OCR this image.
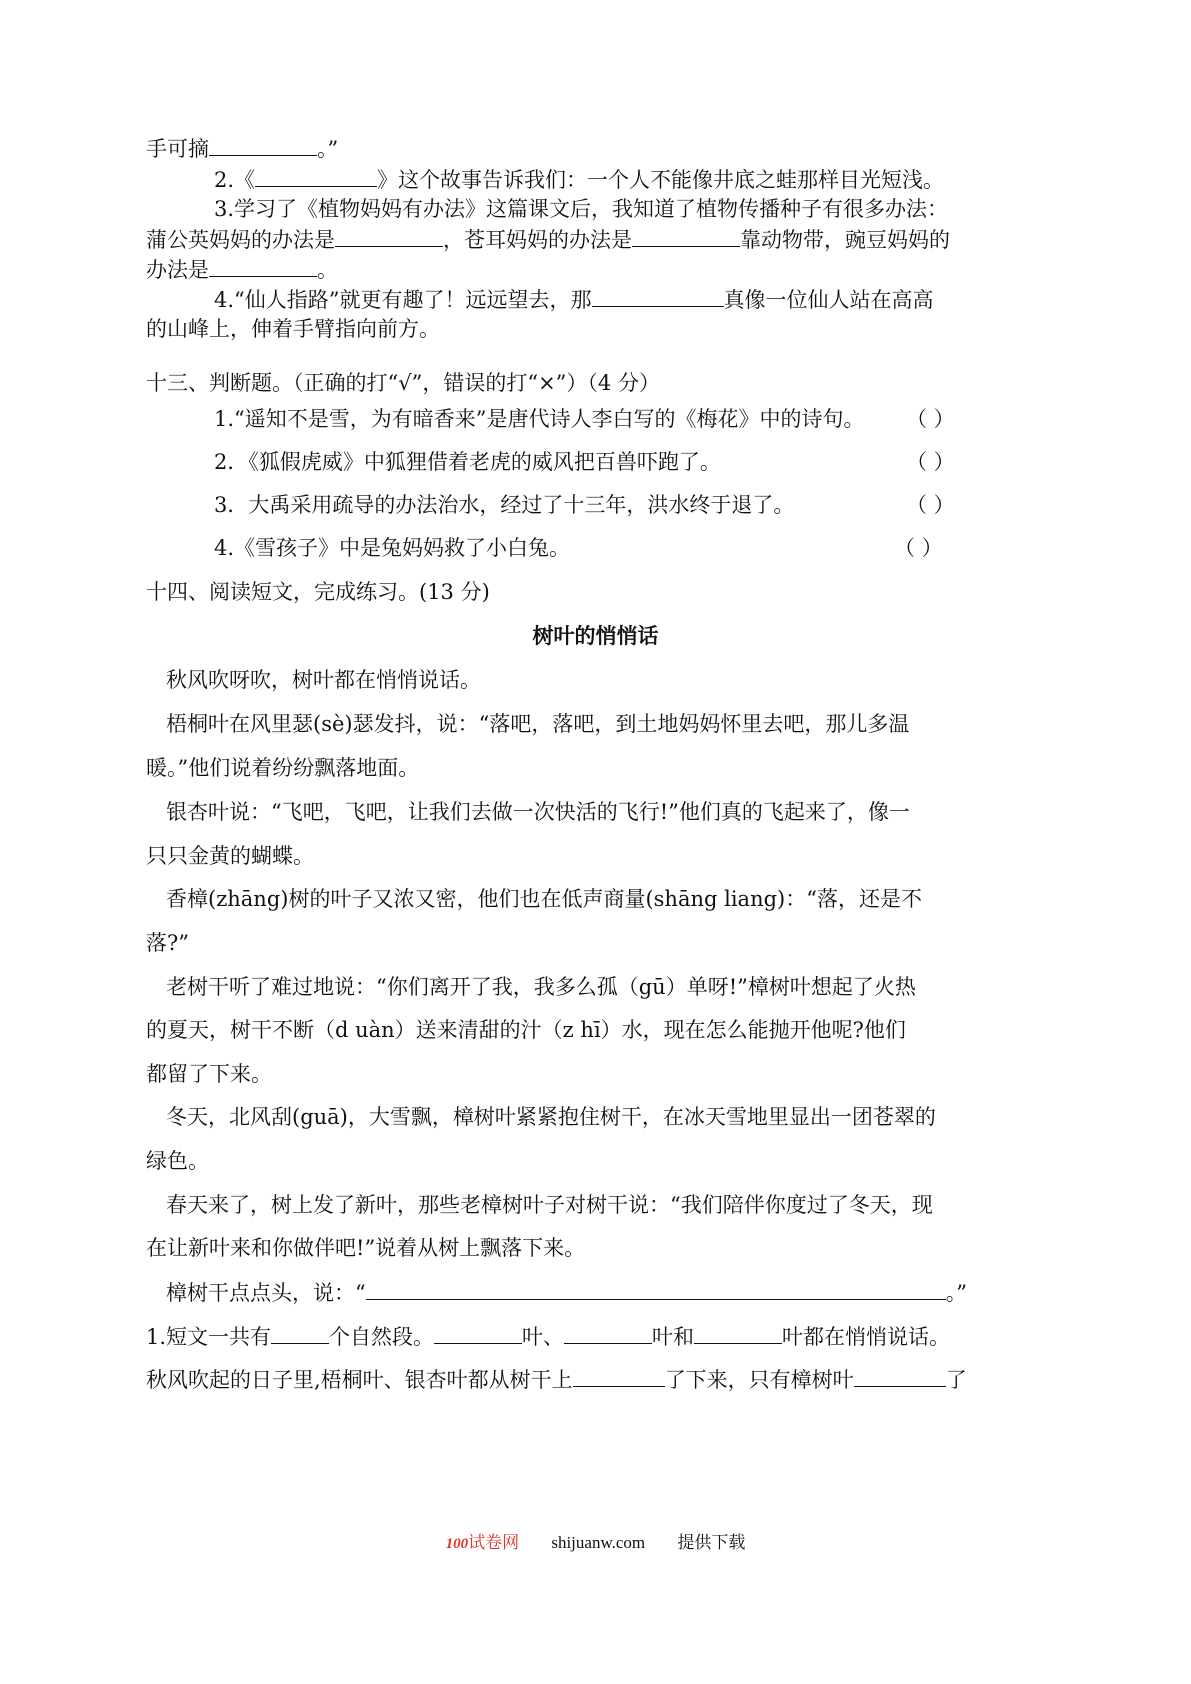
手可摘	。”
2.《	》这个故事告诉我们：一个人不能像井底之蛙那样目光短浅。
3.学习了《植物妈妈有办法》这篇课文后，我知道了植物传播种子有很多办法：
蒲公英妈妈的办法是	，苍耳妈妈的办法是	靠动物带，豌豆妈妈的
办法是	。
4.“仙人指路”就更有趣了！远远望去，那	真像一位仙人站在高高
的山峰上，伸着手臂指向前方。
十三、判断题。（正确的打“√”，错误的打“×”）（4 分）
1.“遥知不是雪，为有暗香来”是唐代诗人李白写的《梅花》中的诗句。	（ ）
2．《狐假虎威》中狐狸借着老虎的威风把百兽吓跑了。	（ ）
3．大禹采用疏导的办法治水，经过了十三年，洪水终于退了。	（ ）
4.《雪孩子》中是兔妈妈救了小白兔。	（ ）
十四、阅读短文，完成练习。(13 分)
树叶的悄悄话
秋风吹呀吹，树叶都在悄悄说话。
梧桐叶在风里瑟(sè)瑟发抖，说：“落吧，落吧，到土地妈妈怀里去吧，那儿多温
暖。”他们说着纷纷飘落地面。
银杏叶说：“飞吧，飞吧，让我们去做一次快活的飞行!”他们真的飞起来了，像一
只只金黄的蝴蝶。
香樟(zhāng)树的叶子又浓又密，他们也在低声商量(shāng liang)：“落，还是不
落?”
老树干听了难过地说：“你们离开了我，我多么孤（gū）单呀!”樟树叶想起了火热
的夏天，树干不断（d uàn）送来清甜的汁（z hī）水，现在怎么能抛开他呢?他们
都留了下来。
冬天，北风刮(guā)，大雪飘，樟树叶紧紧抱住树干，在冰天雪地里显出一团苍翠的
绿色。
春天来了，树上发了新叶，那些老樟树叶子对树干说：“我们陪伴你度过了冬天，现
在让新叶来和你做伴吧!”说着从树上飘落下来。
樟树干点点头，说：“	。”
1.短文一共有	个自然段。	叶、	叶和	叶都在悄悄说话。
秋风吹起的日子里,梧桐叶、银杏叶都从树干上	了下来，只有樟树叶	了
100试卷网 shijuanw.com 提供下载
